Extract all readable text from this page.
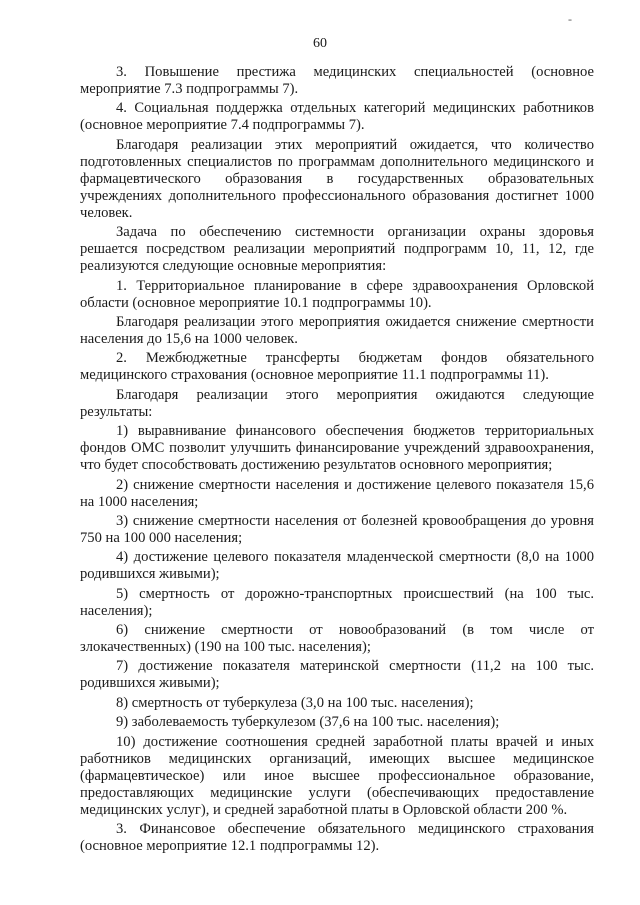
-
60

3. Повышение престижа медицинских специальностей (основное мероприятие 7.3 подпрограммы 7).

4. Социальная поддержка отдельных категорий медицинских работников (основное мероприятие 7.4 подпрограммы 7).

Благодаря реализации этих мероприятий ожидается, что количество подготовленных специалистов по программам дополнительного медицинского и фармацевтического образования в государственных образовательных учреждениях дополнительного профессионального образования достигнет 1000 человек.

Задача по обеспечению системности организации охраны здоровья решается посредством реализации мероприятий подпрограмм 10, 11, 12, где реализуются следующие основные мероприятия:

1. Территориальное планирование в сфере здравоохранения Орловской области (основное мероприятие 10.1 подпрограммы 10).

Благодаря реализации этого мероприятия ожидается снижение смертности населения до 15,6 на 1000 человек.

2. Межбюджетные трансферты бюджетам фондов обязательного медицинского страхования (основное мероприятие 11.1 подпрограммы 11).

Благодаря реализации этого мероприятия ожидаются следующие результаты:

1) выравнивание финансового обеспечения бюджетов территориальных фондов ОМС позволит улучшить финансирование учреждений здравоохранения, что будет способствовать достижению результатов основного мероприятия;

2) снижение смертности населения и достижение целевого показателя 15,6 на 1000 населения;

3) снижение смертности населения от болезней кровообращения до уровня 750 на 100 000 населения;

4) достижение целевого показателя младенческой смертности (8,0 на 1000 родившихся живыми);

5) смертность от дорожно-транспортных происшествий (на 100 тыс. населения);

6) снижение смертности от новообразований (в том числе от злокачественных) (190 на 100 тыс. населения);

7) достижение показателя материнской смертности (11,2 на 100 тыс. родившихся живыми);

8) смертность от туберкулеза (3,0 на 100 тыс. населения);

9) заболеваемость туберкулезом (37,6 на 100 тыс. населения);

10) достижение соотношения средней заработной платы врачей и иных работников медицинских организаций, имеющих высшее медицинское (фармацевтическое) или иное высшее профессиональное образование, предоставляющих медицинские услуги (обеспечивающих предоставление медицинских услуг), и средней заработной платы в Орловской области 200 %.

3. Финансовое обеспечение обязательного медицинского страхования (основное мероприятие 12.1 подпрограммы 12).
